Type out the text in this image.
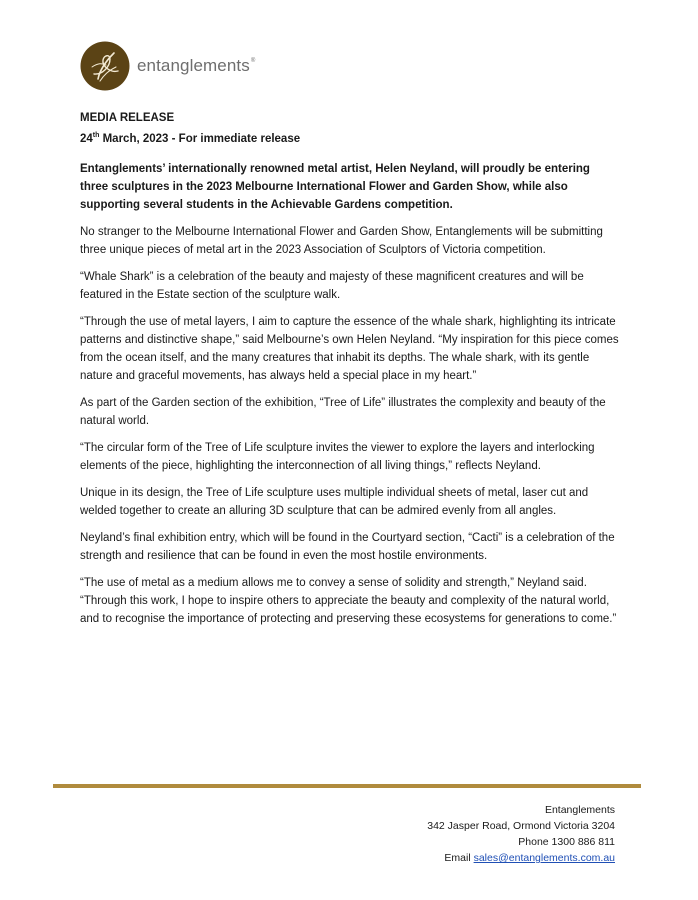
entanglements®
MEDIA RELEASE
24th March, 2023 - For immediate release

Entanglements’ internationally renowned metal artist, Helen Neyland, will proudly be entering three sculptures in the 2023 Melbourne International Flower and Garden Show, while also supporting several students in the Achievable Gardens competition.

No stranger to the Melbourne International Flower and Garden Show, Entanglements will be submitting three unique pieces of metal art in the 2023 Association of Sculptors of Victoria competition.

“Whale Shark” is a celebration of the beauty and majesty of these magnificent creatures and will be featured in the Estate section of the sculpture walk.

“Through the use of metal layers, I aim to capture the essence of the whale shark, highlighting its intricate patterns and distinctive shape,” said Melbourne’s own Helen Neyland. “My inspiration for this piece comes from the ocean itself, and the many creatures that inhabit its depths. The whale shark, with its gentle nature and graceful movements, has always held a special place in my heart.”

As part of the Garden section of the exhibition, “Tree of Life” illustrates the complexity and beauty of the natural world.

“The circular form of the Tree of Life sculpture invites the viewer to explore the layers and interlocking elements of the piece, highlighting the interconnection of all living things,” reflects Neyland.

Unique in its design, the Tree of Life sculpture uses multiple individual sheets of metal, laser cut and welded together to create an alluring 3D sculpture that can be admired evenly from all angles.

Neyland’s final exhibition entry, which will be found in the Courtyard section, “Cacti” is a celebration of the strength and resilience that can be found in even the most hostile environments.

“The use of metal as a medium allows me to convey a sense of solidity and strength,” Neyland said. “Through this work, I hope to inspire others to appreciate the beauty and complexity of the natural world, and to recognise the importance of protecting and preserving these ecosystems for generations to come.”

Entanglements
342 Jasper Road, Ormond Victoria 3204
Phone 1300 886 811
Email sales@entanglements.com.au
